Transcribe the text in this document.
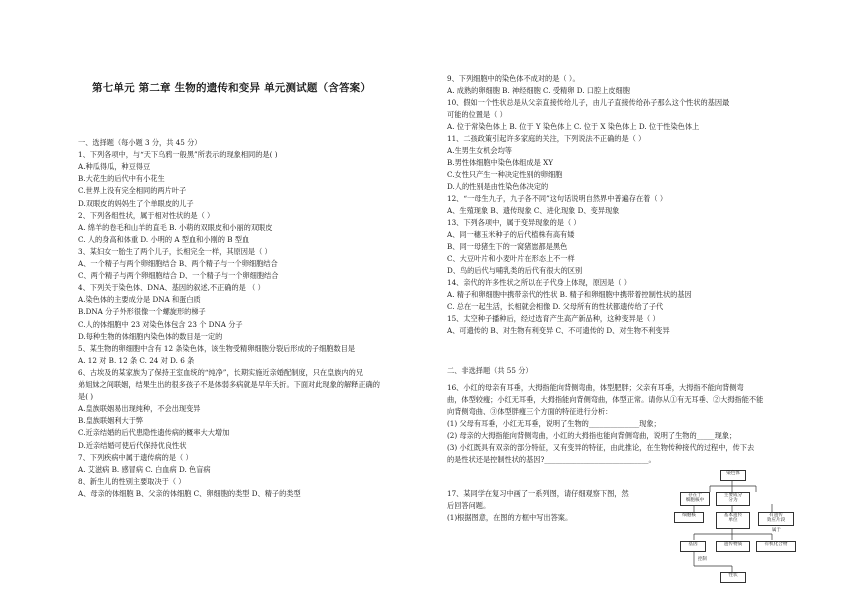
第七单元 第二章 生物的遗传和变异 单元测试题（含答案）
一、选择题（每小题 3 分，共 45 分）
1、下列各项中，与“天下乌鸦一般黑”所表示的现象相同的是( )
A.种瓜得瓜，种豆得豆
B.大花生的后代中有小花生
C.世界上没有完全相同的两片叶子
D.双眼皮的妈妈生了个单眼皮的儿子
2、下列各组性状，属于相对性状的是（ ）
A. 绵羊的卷毛和山羊的直毛 B. 小萌的双眼皮和小丽的双眼皮
C. 人的身高和体重 D. 小明的 A 型血和小刚的 B 型血
3、某妇女一胎生了两个儿子，长相完全一样，其原因是（ ）
A、一个精子与两个卵细胞结合 B、两个精子与一个卵细胞结合
C、两个精子与两个卵细胞结合 D、一个精子与一个卵细胞结合
4、下列关于染色体、DNA、基因的叙述,不正确的是 （ ）
A.染色体的主要成分是 DNA 和蛋白质
B.DNA 分子外形很像一个螺旋形的梯子
C.人的体细胞中 23 对染色体包含 23 个 DNA 分子
D.每种生物的体细胞内染色体的数目是一定的
5、某生物的卵细胞中含有 12 条染色体，该生物受精卵细胞分裂后形成的子细胞数目是
A. 12 对 B. 12 条 C. 24 对 D. 6 条
6、古埃及的某家族为了保持王室血统的“纯净”，长期实施近亲婚配制度，只在皇族内的兄
弟姐妹之间联姻，结果生出的很多孩子不是体弱多病就是早年夭折。下面对此现象的解释正确的
是( )
A.皇族联姻易出现纯种，不会出现变异
B.皇族联姻利大于弊
C.近亲结婚的后代患隐性遗传病的概率大大增加
D.近亲结婚可使后代保持优良性状
7、下列疾病中属于遗传病的是（ ）
A. 艾滋病 B. 感冒病 C. 白血病 D. 色盲病
8、新生儿的性别主要取决于（ ）
A、母亲的体细胞 B、父亲的体细胞 C、卵细胞的类型 D、精子的类型
9、下列细胞中的染色体不成对的是（ ）。
A. 成熟的卵细胞 B. 神经细胞 C. 受精卵 D. 口腔上皮细胞
10、假如一个性状总是从父亲直接传给儿子，由儿子直接传给孙子那么这个性状的基因最
可能的位置是（ ）
A. 位于常染色体上 B. 位于 Y 染色体上 C. 位于 X 染色体上 D. 位于性染色体上
11、二孩政策引起许多家庭的关注，下列说法不正确的是（ ）
A.生男生女机会均等
B.男性体细胞中染色体组成是 XY
C.女性只产生一种决定性别的卵细胞
D.人的性别是由性染色体决定的
12、“一母生九子，九子各不同”这句话说明自然界中普遍存在着（ ）
A、生殖现象 B、遗传现象 C、进化现象 D、变异现象
13、下列各项中，属于变异现象的是（ ）
A、同一穗玉米种子的后代植株有高有矮
B、同一母猪生下的一窝猪崽都是黑色
C、大豆叶片和小麦叶片在形态上不一样
D、鸟的后代与哺乳类的后代有很大的区别
14、亲代的许多性状之所以在子代身上体现，原因是（ ）
A. 精子和卵细胞中携带亲代的性状 B. 精子和卵细胞中携带着控制性状的基因
C. 总在一起生活，长相就会相像 D. 父母所有的性状都遗传给了子代
15、太空种子播种后，经过选育产生高产新品种，这种变异是（ ）
A、可遗传的 B、对生物有利变异 C、不可遗传的 D、对生物不利变异
二、非选择题（共 55 分）
16、小红的母亲有耳垂，大拇指能向背侧弯曲，体型肥胖；父亲有耳垂，大拇指不能向背侧弯
曲，体型较瘦；小红无耳垂，大拇指能向背侧弯曲，体型正常。请你从①有无耳垂、②大拇指能不能
向背侧弯曲、③体型胖瘦三个方面的特征进行分析：
(1) 父母有耳垂，小红无耳垂，说明了生物的______________现象；
(2) 母亲的大拇指能向背侧弯曲，小红的大拇指也能向背侧弯曲，说明了生物的_____现象；
(3) 小红既具有双亲的部分特征，又有变异的特征，由此推论，在生物传种接代的过程中，传下去
的是性状还是控制性状的基因?_____________________________。
17、某同学在复习中画了一系列图，请仔细观察下图，然
后回答问题。
(1)根据图意，在图的方框中写出答案。
染色体
存在于
细胞核中
主要成分
分为
细胞核	基本遗传
单位
有遗传
效应片段
基因	遗传物质	有机化合物
性状
属于
控制
